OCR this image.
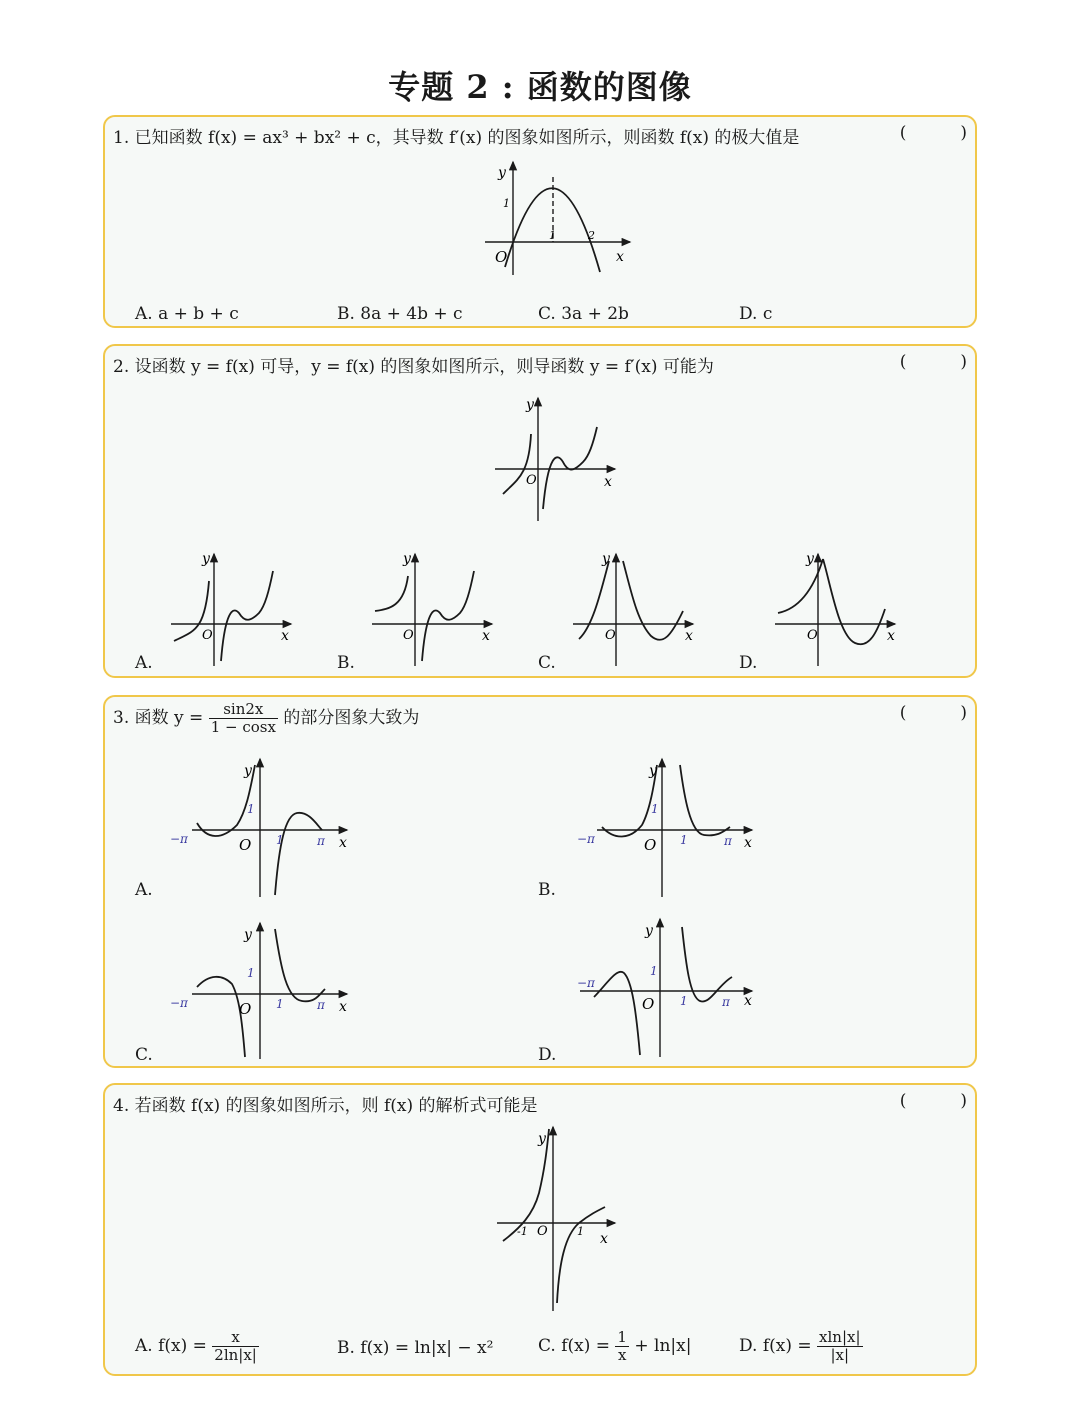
专题 2 : 函数的图像
1. 已知函数 f(x) = ax³ + bx² + c，其导数 f′(x) 的图象如图所示，则函数 f(x) 的极大值是	(          )
y
x
O
1
1	2
A. a + b + c	B. 8a + 4b + c	C. 3a + 2b	D. c
2. 设函数 y = f(x) 可导，y = f(x) 的图象如图所示，则导函数 y = f′(x) 可能为	(          )
y
x
O
y
x
O
A.
y
x
O
B.
y
x
O
C.
y
x
O
D.
3. 函数 $y = \frac{\sin 2x}{1 - \cos x}$ 的部分图象大致为	(          )
y
x
O
1
1	π
−π
A.
y
x
O
1
1	π
−π
B.
y
x
O
1
1	π
−π
C.
y
x
O
1
1	π
−π
D.
4. 若函数 f(x) 的图象如图所示，则 f(x) 的解析式可能是	(          )
y
x
O
-1	1
A. $f(x) = \frac{x}{2\ln|x|}$	B. f(x) = ln|x| − x²	C. $f(x) = \frac{1}{x} + \ln|x|$	D. $f(x) = \frac{xln|x|}{|x|}$
